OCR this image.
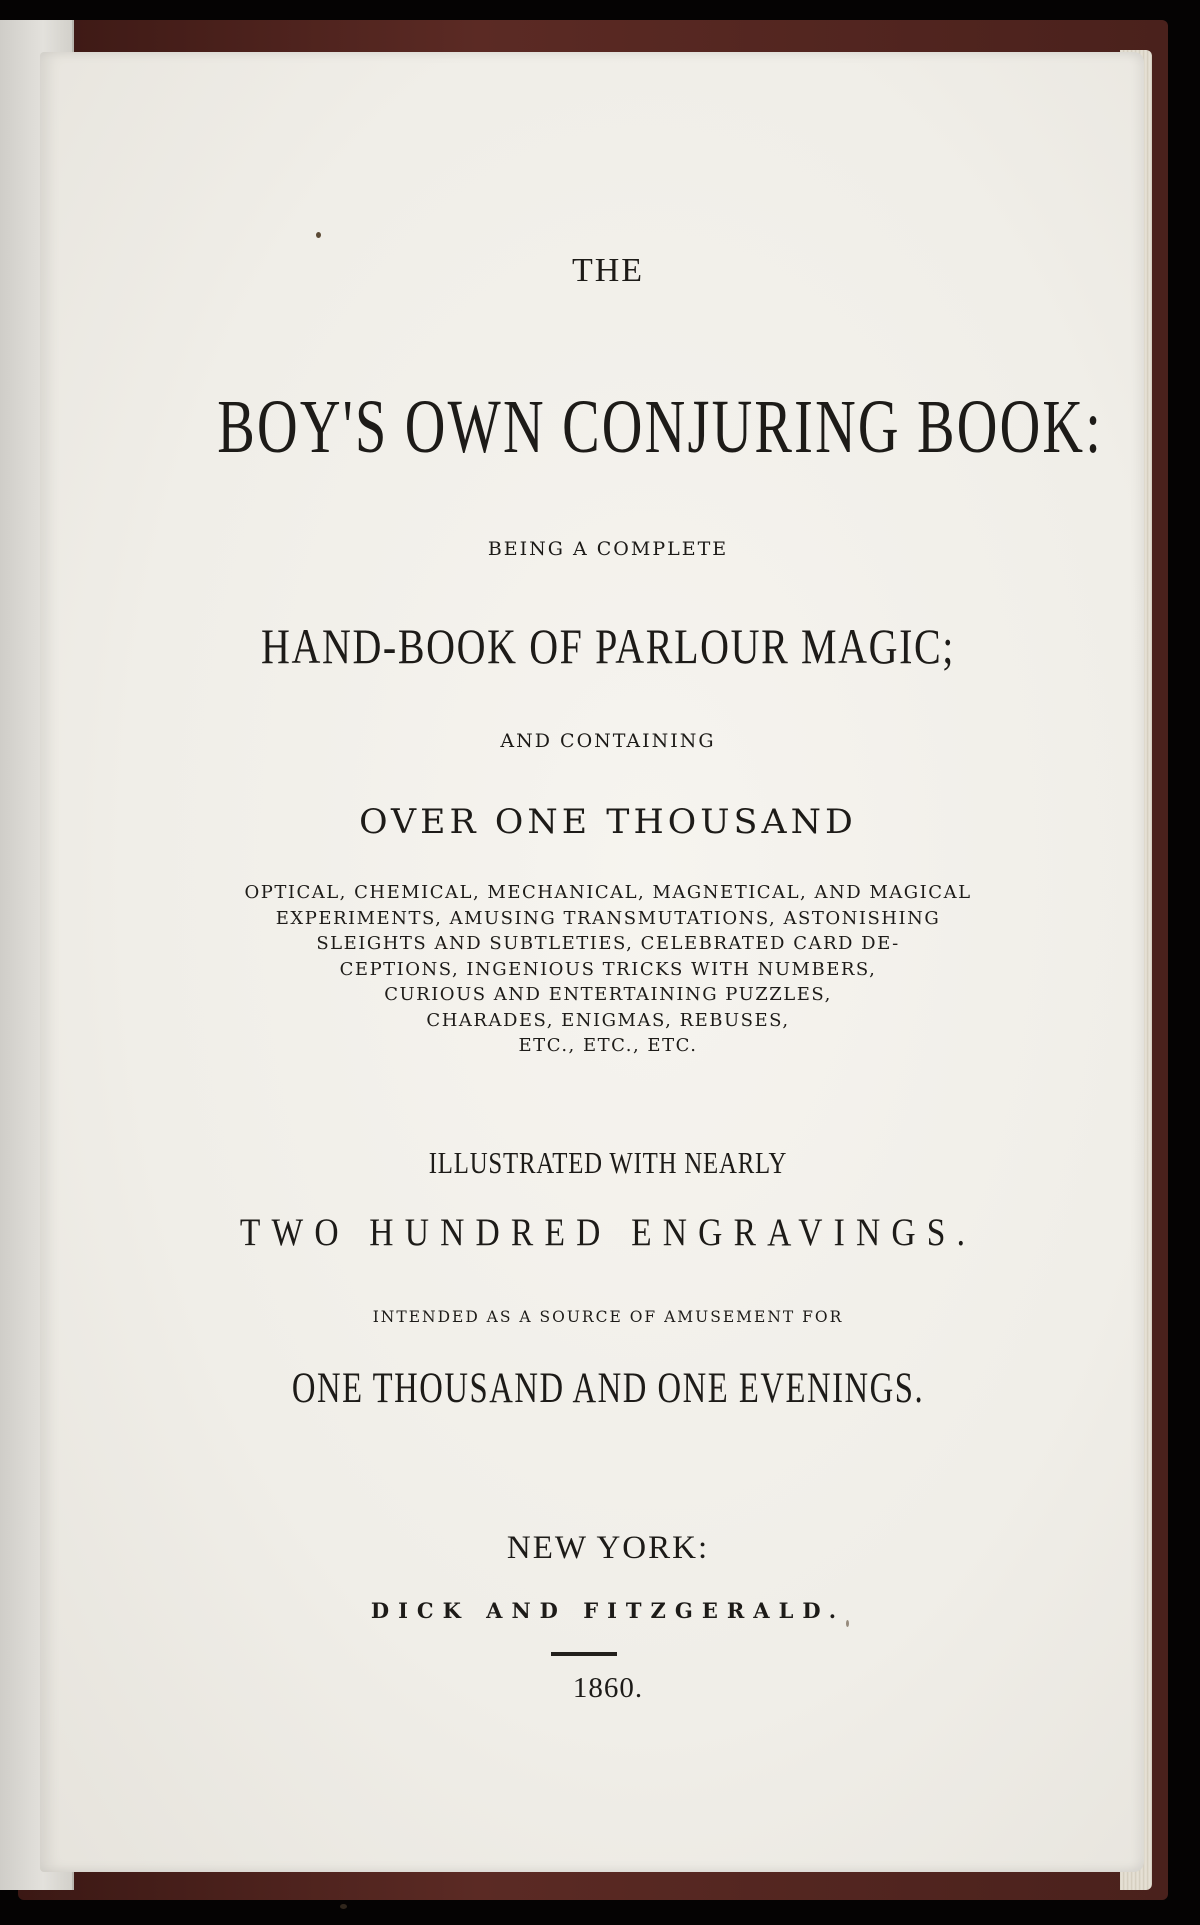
THE

BOY'S OWN CONJURING BOOK:

BEING A COMPLETE

HAND-BOOK OF PARLOUR MAGIC;

AND CONTAINING

OVER ONE THOUSAND

OPTICAL, CHEMICAL, MECHANICAL, MAGNETICAL, AND MAGICAL
EXPERIMENTS, AMUSING TRANSMUTATIONS, ASTONISHING
SLEIGHTS AND SUBTLETIES, CELEBRATED CARD DE-
CEPTIONS, INGENIOUS TRICKS WITH NUMBERS,
CURIOUS AND ENTERTAINING PUZZLES,
CHARADES, ENIGMAS, REBUSES,
ETC., ETC., ETC.

ILLUSTRATED WITH NEARLY

TWO HUNDRED ENGRAVINGS.

INTENDED AS A SOURCE OF AMUSEMENT FOR

ONE THOUSAND AND ONE EVENINGS.

NEW YORK:

DICK AND FITZGERALD.

1860.
